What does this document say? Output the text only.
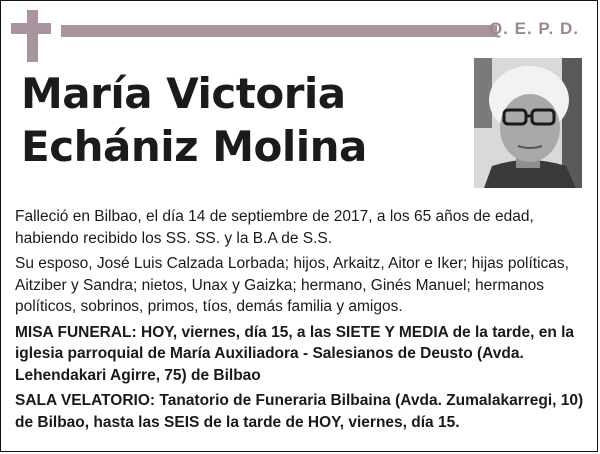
Q. E. P. D.
María Victoria
Echániz Molina

Falleció en Bilbao, el día 14 de septiembre de 2017, a los 65 años de edad, habiendo recibido los SS. SS. y la B.A de S.S.

Su esposo, José Luis Calzada Lorbada; hijos, Arkaitz, Aitor e Iker; hijas políticas, Aitziber y Sandra; nietos, Unax y Gaizka; hermano, Ginés Manuel; hermanos políticos, sobrinos, primos, tíos, demás familia y amigos.

MISA FUNERAL: HOY, viernes, día 15, a las SIETE Y MEDIA de la tarde, en la iglesia parroquial de María Auxiliadora - Salesianos de Deusto (Avda. Lehendakari Agirre, 75) de Bilbao

SALA VELATORIO: Tanatorio de Funeraria Bilbaina (Avda. Zumalakarregi, 10) de Bilbao, hasta las SEIS de la tarde de HOY, viernes, día 15.
